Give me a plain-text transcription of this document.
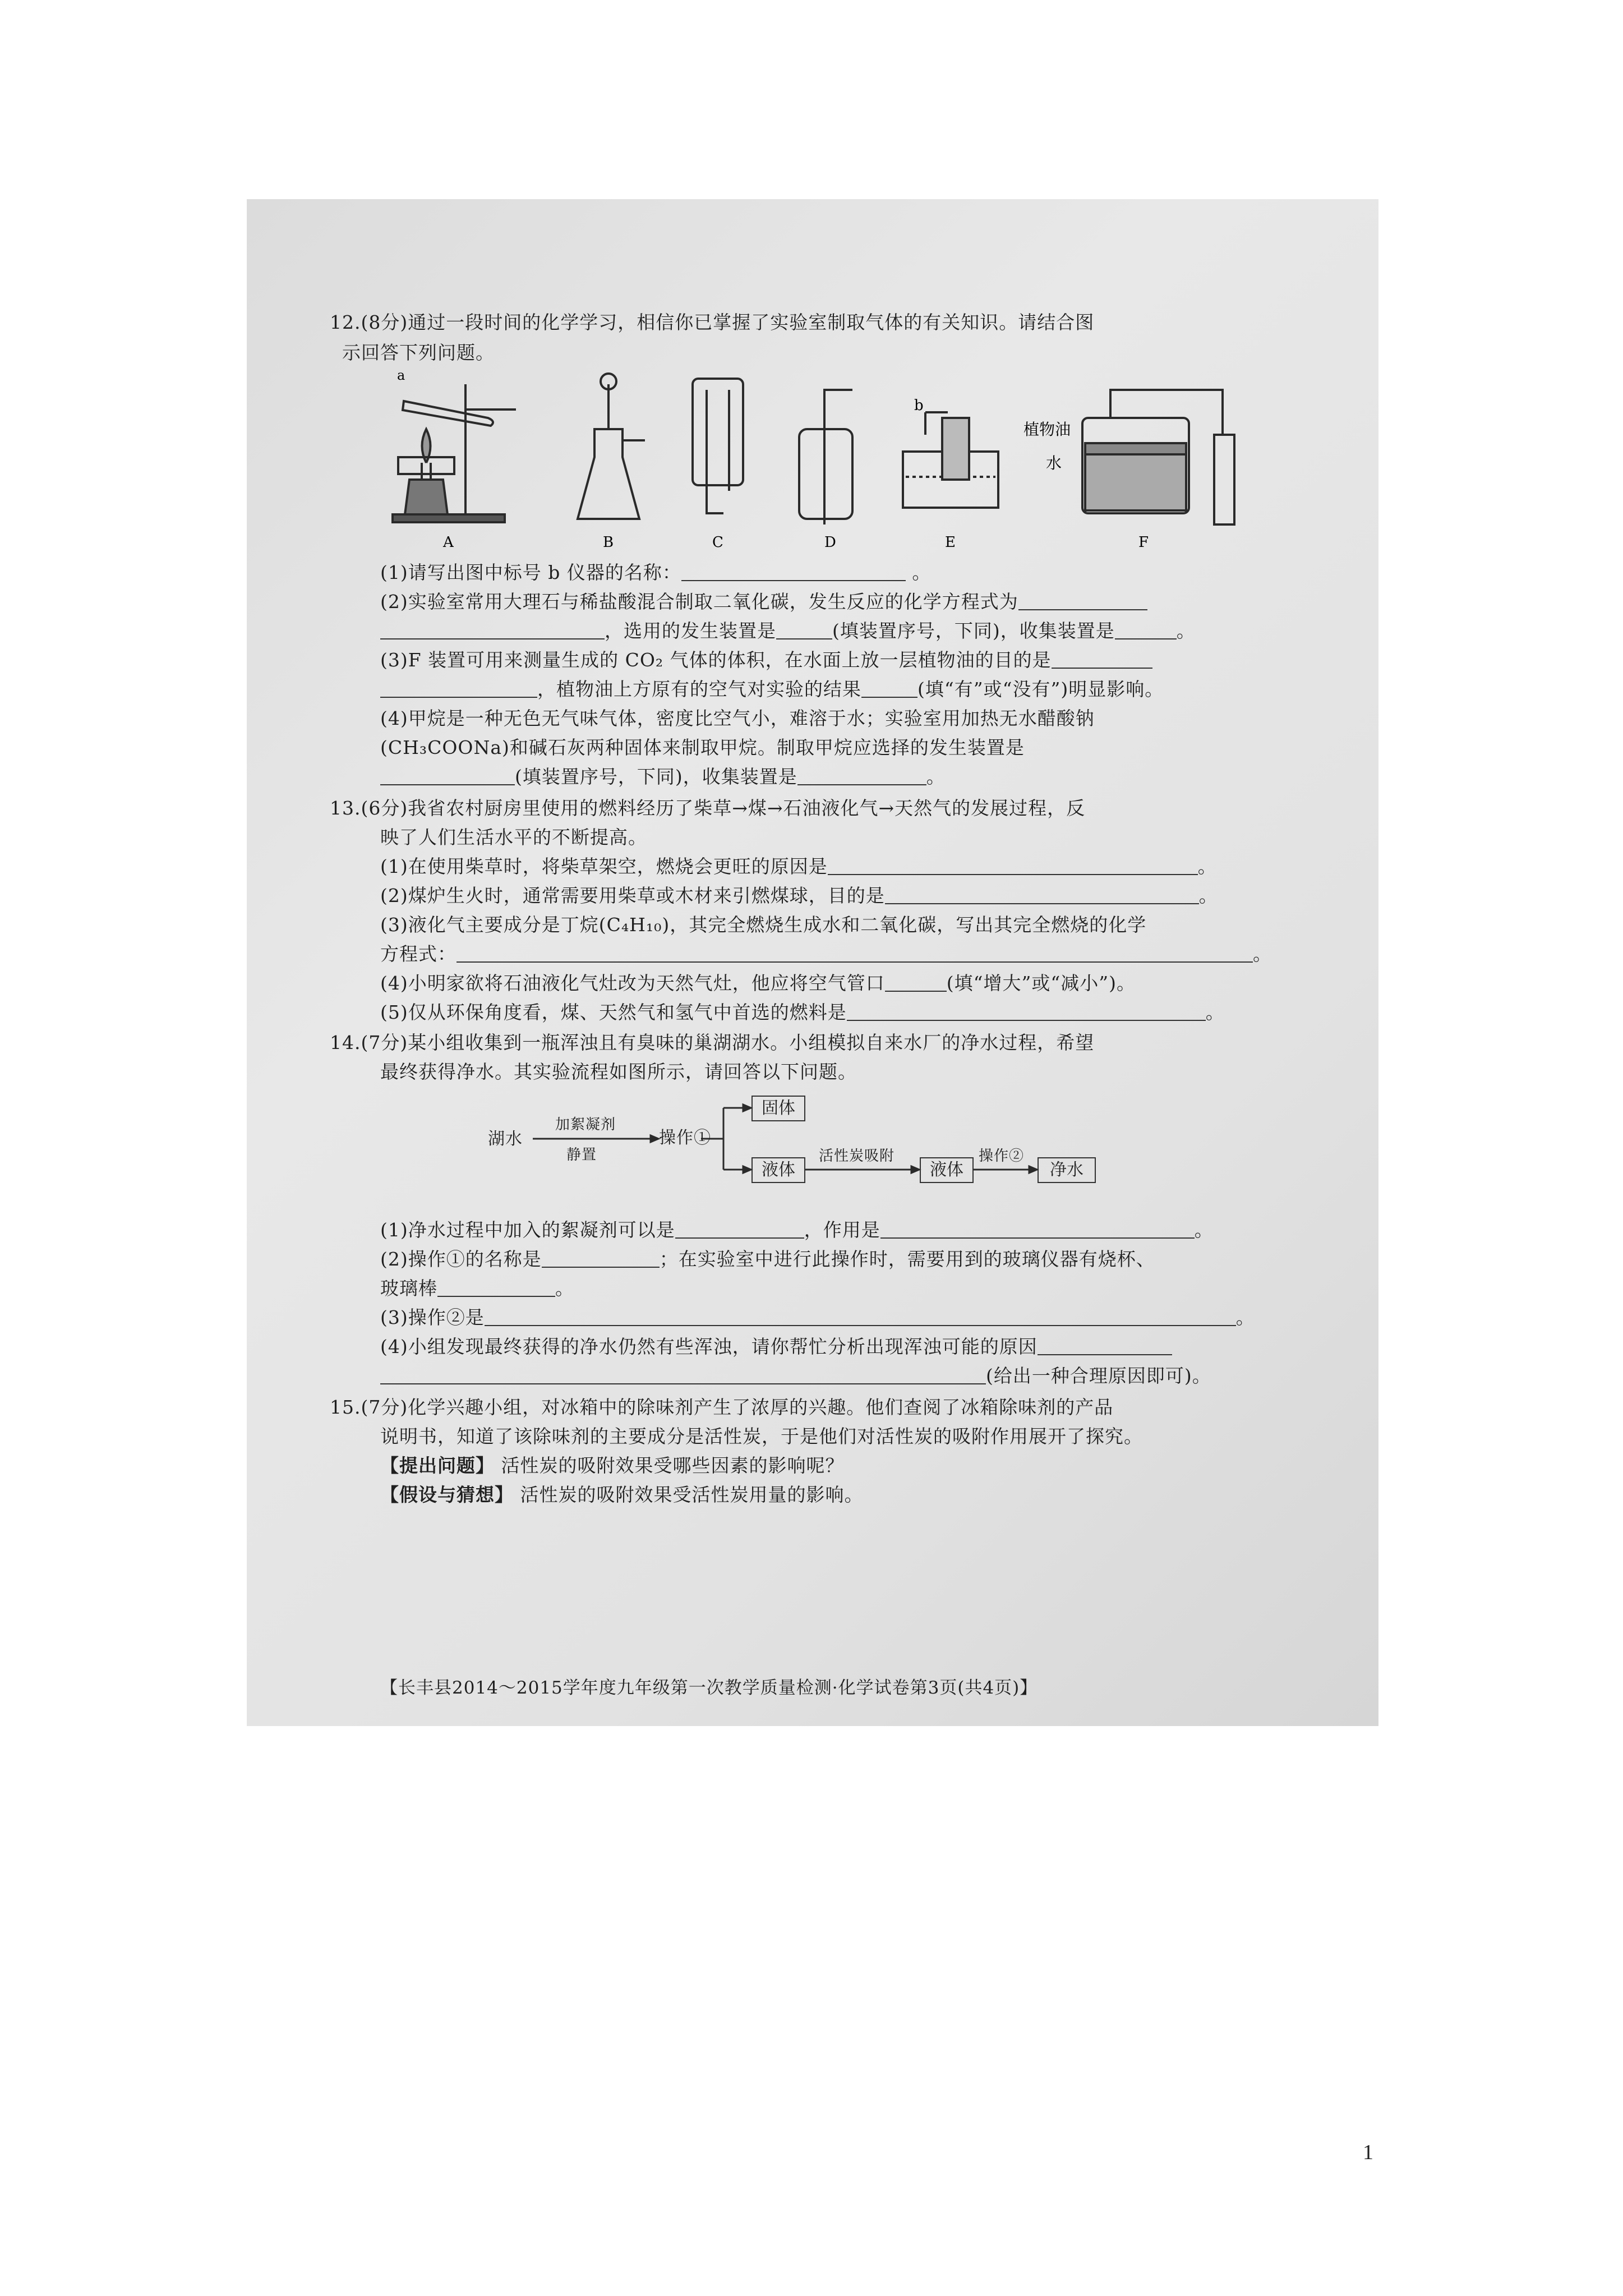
12.(8分)通过一段时间的化学学习，相信你已掌握了实验室制取气体的有关知识。请结合图
示回答下列问题。
a
b
植物油
水
A	B	C	D	E	F
(1)请写出图中标号 b 仪器的名称：	。
(2)实验室常用大理石与稀盐酸混合制取二氧化碳，发生反应的化学方程式为
，选用的发生装置是	(填装置序号，下同)，收集装置是	。
(3)F 装置可用来测量生成的 CO₂ 气体的体积，在水面上放一层植物油的目的是
，植物油上方原有的空气对实验的结果	(填“有”或“没有”)明显影响。
(4)甲烷是一种无色无气味气体，密度比空气小，难溶于水；实验室用加热无水醋酸钠
(CH₃COONa)和碱石灰两种固体来制取甲烷。制取甲烷应选择的发生装置是
(填装置序号，下同)，收集装置是	。
13.(6分)我省农村厨房里使用的燃料经历了柴草→煤→石油液化气→天然气的发展过程，反
映了人们生活水平的不断提高。
(1)在使用柴草时，将柴草架空，燃烧会更旺的原因是	。
(2)煤炉生火时，通常需要用柴草或木材来引燃煤球，目的是	。
(3)液化气主要成分是丁烷(C₄H₁₀)，其完全燃烧生成水和二氧化碳，写出其完全燃烧的化学
方程式：	。
(4)小明家欲将石油液化气灶改为天然气灶，他应将空气管口	(填“增大”或“减小”)。
(5)仅从环保角度看，煤、天然气和氢气中首选的燃料是	。
14.(7分)某小组收集到一瓶浑浊且有臭味的巢湖湖水。小组模拟自来水厂的净水过程，希望
最终获得净水。其实验流程如图所示，请回答以下问题。
湖水
加絮凝剂
静置
操作①
固体
液体
活性炭吸附
液体
操作②
净水
(1)净水过程中加入的絮凝剂可以是	，作用是	。
(2)操作①的名称是	；在实验室中进行此操作时，需要用到的玻璃仪器有烧杯、
玻璃棒	。
(3)操作②是	。
(4)小组发现最终获得的净水仍然有些浑浊，请你帮忙分析出现浑浊可能的原因
(给出一种合理原因即可)。
15.(7分)化学兴趣小组，对冰箱中的除味剂产生了浓厚的兴趣。他们查阅了冰箱除味剂的产品
说明书，知道了该除味剂的主要成分是活性炭，于是他们对活性炭的吸附作用展开了探究。
【提出问题】 活性炭的吸附效果受哪些因素的影响呢？
【假设与猜想】 活性炭的吸附效果受活性炭用量的影响。
【长丰县2014～2015学年度九年级第一次教学质量检测·化学试卷第3页(共4页)】
1
